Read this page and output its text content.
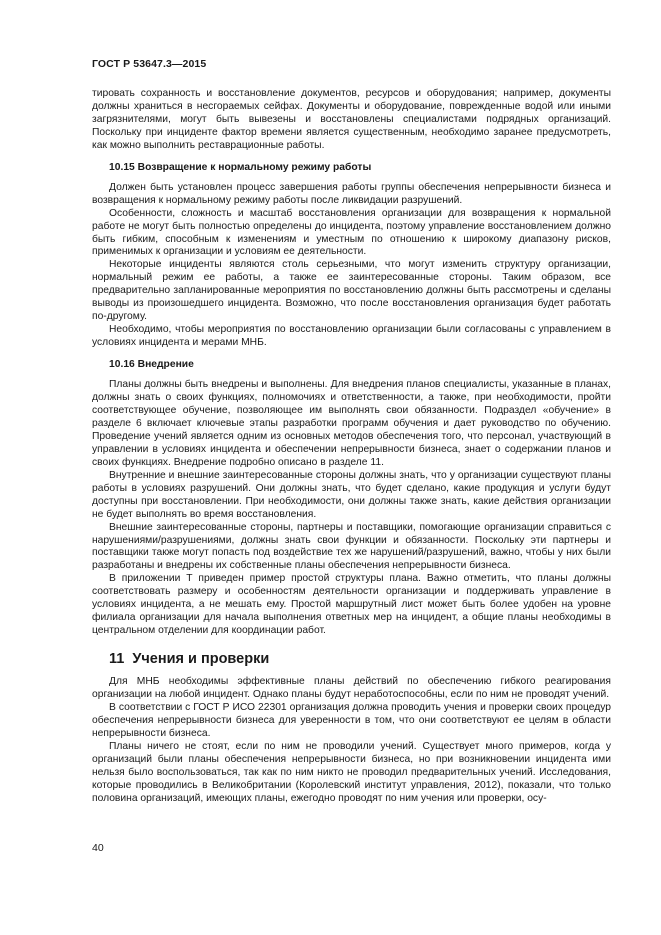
ГОСТ Р 53647.3—2015

тировать сохранность и восстановление документов, ресурсов и оборудования; например, документы должны храниться в несгораемых сейфах. Документы и оборудование, поврежденные водой или иными загрязнителями, могут быть вывезены и восстановлены специалистами подрядных организаций. Поскольку при инциденте фактор времени является существенным, необходимо заранее предусмотреть, как можно выполнить реставрационные работы.

10.15 Возвращение к нормальному режиму работы

Должен быть установлен процесс завершения работы группы обеспечения непрерывности бизнеса и возвращения к нормальному режиму работы после ликвидации разрушений.

Особенности, сложность и масштаб восстановления организации для возвращения к нормальной работе не могут быть полностью определены до инцидента, поэтому управление восстановлением должно быть гибким, способным к изменениям и уместным по отношению к широкому диапазону рисков, применимых к организации и условиям ее деятельности.

Некоторые инциденты являются столь серьезными, что могут изменить структуру организации, нормальный режим ее работы, а также ее заинтересованные стороны. Таким образом, все предварительно запланированные мероприятия по восстановлению должны быть рассмотрены и сделаны выводы из произошедшего инцидента. Возможно, что после восстановления организация будет работать по-другому.

Необходимо, чтобы мероприятия по восстановлению организации были согласованы с управлением в условиях инцидента и мерами МНБ.

10.16 Внедрение

Планы должны быть внедрены и выполнены. Для внедрения планов специалисты, указанные в планах, должны знать о своих функциях, полномочиях и ответственности, а также, при необходимости, пройти соответствующее обучение, позволяющее им выполнять свои обязанности. Подраздел «обучение» в разделе 6 включает ключевые этапы разработки программ обучения и дает руководство по обучению. Проведение учений является одним из основных методов обеспечения того, что персонал, участвующий в управлении в условиях инцидента и обеспечении непрерывности бизнеса, знает о содержании планов и своих функциях. Внедрение подробно описано в разделе 11.

Внутренние и внешние заинтересованные стороны должны знать, что у организации существуют планы работы в условиях разрушений. Они должны знать, что будет сделано, какие продукция и услуги будут доступны при восстановлении. При необходимости, они должны также знать, какие действия организации не будет выполнять во время восстановления.

Внешние заинтересованные стороны, партнеры и поставщики, помогающие организации справиться с нарушениями/разрушениями, должны знать свои функции и обязанности. Поскольку эти партнеры и поставщики также могут попасть под воздействие тех же нарушений/разрушений, важно, чтобы у них были разработаны и внедрены их собственные планы обеспечения непрерывности бизнеса.

В приложении Т приведен пример простой структуры плана. Важно отметить, что планы должны соответствовать размеру и особенностям деятельности организации и поддерживать управление в условиях инцидента, а не мешать ему. Простой маршрутный лист может быть более удобен на уровне филиала организации для начала выполнения ответных мер на инцидент, а общие планы необходимы в центральном отделении для координации работ.

11 Учения и проверки

Для МНБ необходимы эффективные планы действий по обеспечению гибкого реагирования организации на любой инцидент. Однако планы будут неработоспособны, если по ним не проводят учений.

В соответствии с ГОСТ Р ИСО 22301 организация должна проводить учения и проверки своих процедур обеспечения непрерывности бизнеса для уверенности в том, что они соответствуют ее целям в области непрерывности бизнеса.

Планы ничего не стоят, если по ним не проводили учений. Существует много примеров, когда у организаций были планы обеспечения непрерывности бизнеса, но при возникновении инцидента ими нельзя было воспользоваться, так как по ним никто не проводил предварительных учений. Исследования, которые проводились в Великобритании (Королевский институт управления, 2012), показали, что только половина организаций, имеющих планы, ежегодно проводят по ним учения или проверки, осу-

40
